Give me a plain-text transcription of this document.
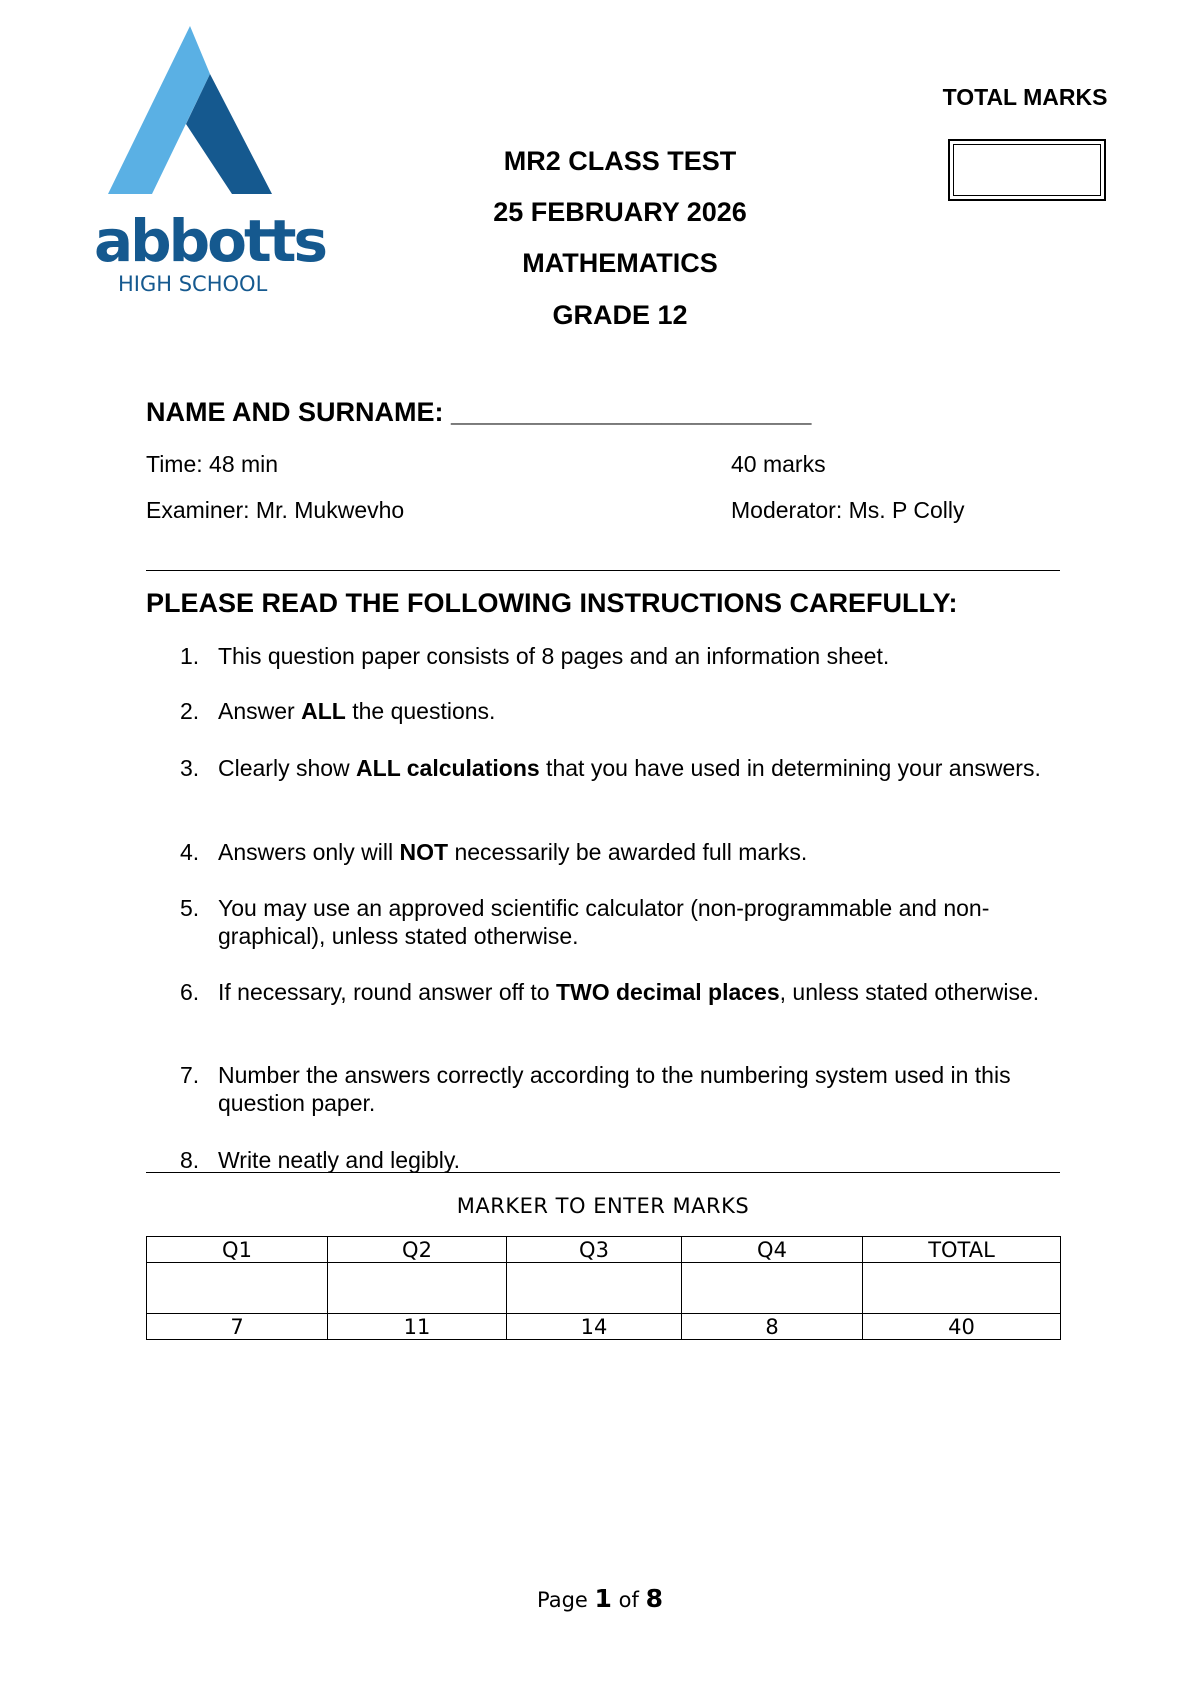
abbotts
HIGH SCHOOL
MR2 CLASS TEST
25 FEBRUARY 2026
MATHEMATICS
GRADE 12
TOTAL MARKS
NAME AND SURNAME: ________________________
Time: 48 min	40 marks
Examiner: Mr. Mukwevho	Moderator: Ms. P Colly
PLEASE READ THE FOLLOWING INSTRUCTIONS CAREFULLY:
1. This question paper consists of 8 pages and an information sheet.
2. Answer ALL the questions.
3. Clearly show ALL calculations that you have used in determining your answers.
4. Answers only will NOT necessarily be awarded full marks.
5. You may use an approved scientific calculator (non-programmable and non-graphical), unless stated otherwise.
6. If necessary, round answer off to TWO decimal places, unless stated otherwise.
7. Number the answers correctly according to the numbering system used in this question paper.
8. Write neatly and legibly.
MARKER TO ENTER MARKS
Q1	Q2	Q3	Q4	TOTAL

7	11	14	8	40
Page 1 of 8
